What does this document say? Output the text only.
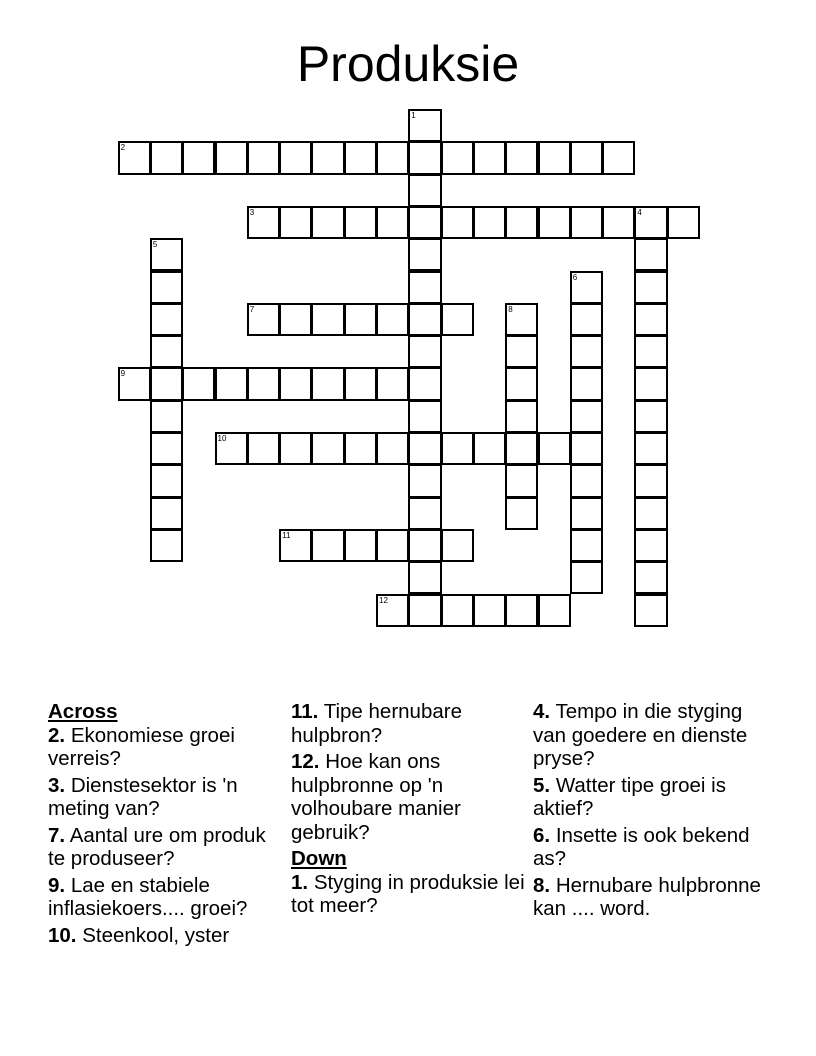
Produksie
1
2
3	4
5
6
7	8
9
10
11
12

Across

2. Ekonomiese groei verreis?

3. Dienstesektor is 'n meting van?

7. Aantal ure om produk te produseer?

9. Lae en stabiele inflasiekoers.... groei?

10. Steenkool, yster

11. Tipe hernubare hulpbron?

12. Hoe kan ons hulpbronne op 'n volhoubare manier gebruik?

Down

1. Styging in produksie lei tot meer?

4. Tempo in die styging van goedere en dienste pryse?

5. Watter tipe groei is aktief?

6. Insette is ook bekend as?

8. Hernubare hulpbronne kan .... word.
